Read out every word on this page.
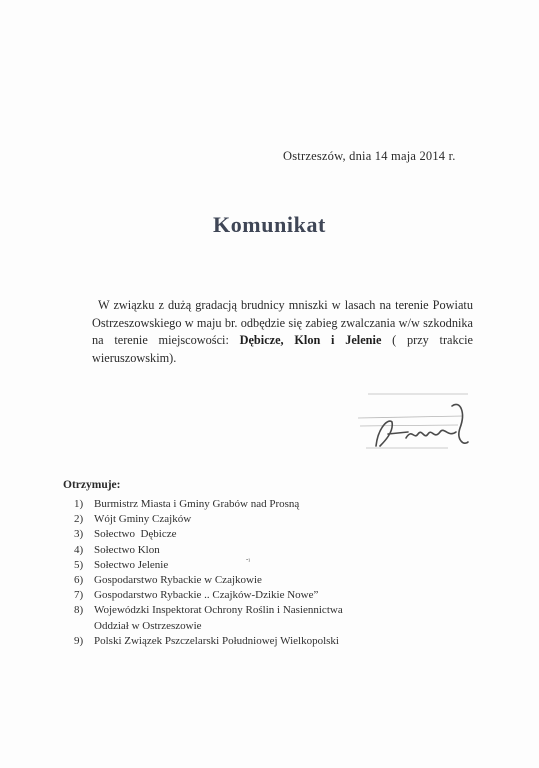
Ostrzeszów, dnia 14 maja 2014 r.
Komunikat

W związku z dużą gradacją brudnicy mniszki w lasach na terenie Powiatu Ostrzeszowskiego w maju br. odbędzie się zabieg zwalczania w/w szkodnika na terenie miejscowości: Dębicze, Klon i Jelenie ( przy trakcie wieruszowskim).

Otrzymuje:
1) Burmistrz Miasta i Gminy Grabów nad Prosną
2) Wójt Gminy Czajków
3) Sołectwo  Dębicze
4) Sołectwo Klon
5) Sołectwo Jelenie
6) Gospodarstwo Rybackie w Czajkowie
7) Gospodarstwo Rybackie .. Czajków-Dzikie Nowe”
8) Wojewódzki Inspektorat Ochrony Roślin i Nasiennictwa
Oddział w Ostrzeszowie
9) Polski Związek Pszczelarski Południowej Wielkopolski
˘ˀ
